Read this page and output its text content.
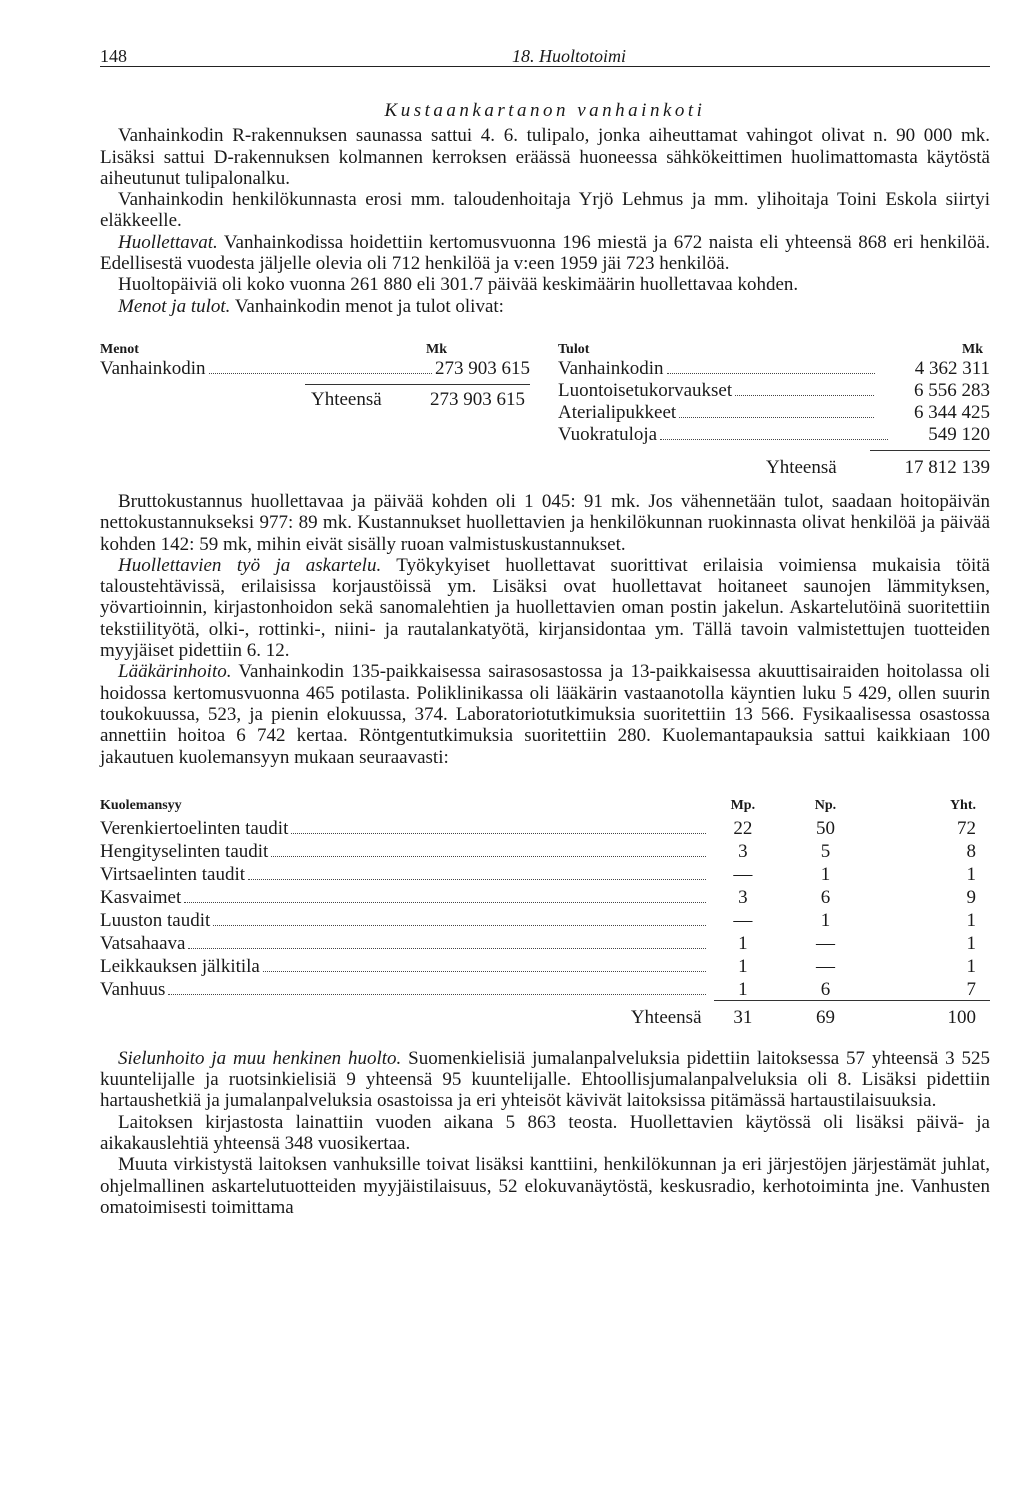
148	18. Huoltotoimi
Kustaankartanon vanhainkoti

Vanhainkodin R-rakennuksen saunassa sattui 4. 6. tulipalo, jonka aiheuttamat vahingot olivat n. 90 000 mk. Lisäksi sattui D-rakennuksen kolmannen kerroksen eräässä huoneessa sähkökeittimen huolimattomasta käytöstä aiheutunut tulipalonalku.

Vanhainkodin henkilökunnasta erosi mm. taloudenhoitaja Yrjö Lehmus ja mm. ylihoitaja Toini Eskola siirtyi eläkkeelle.

Huollettavat. Vanhainkodissa hoidettiin kertomusvuonna 196 miestä ja 672 naista eli yhteensä 868 eri henkilöä. Edellisestä vuodesta jäljelle olevia oli 712 henkilöä ja v:een 1959 jäi 723 henkilöä.

Huoltopäiviä oli koko vuonna 261 880 eli 301.7 päivää keskimäärin huollettavaa kohden.

Menot ja tulot. Vanhainkodin menot ja tulot olivat:

Menot	Mk
Vanhainkodin	273 903 615
Yhteensä	273 903 615
Tulot	Mk
Vanhainkodin	4 362 311
Luontoisetukorvaukset	6 556 283
Aterialipukkeet	6 344 425
Vuokratuloja	549 120
Yhteensä	17 812 139

Bruttokustannus huollettavaa ja päivää kohden oli 1 045: 91 mk. Jos vähennetään tulot, saadaan hoitopäivän nettokustannukseksi 977: 89 mk. Kustannukset huollettavien ja henkilökunnan ruokinnasta olivat henkilöä ja päivää kohden 142: 59 mk, mihin eivät sisälly ruoan valmistuskustannukset.

Huollettavien työ ja askartelu. Työkykyiset huollettavat suorittivat erilaisia voimiensa mukaisia töitä taloustehtävissä, erilaisissa korjaustöissä ym. Lisäksi ovat huollettavat hoitaneet saunojen lämmityksen, yövartioinnin, kirjastonhoidon sekä sanomalehtien ja huollettavien oman postin jakelun. Askartelutöinä suoritettiin tekstiilityötä, olki-, rottinki-, niini- ja rautalankatyötä, kirjansidontaa ym. Tällä tavoin valmistettujen tuotteiden myyjäiset pidettiin 6. 12.

Lääkärinhoito. Vanhainkodin 135-paikkaisessa sairasosastossa ja 13-paikkaisessa akuuttisairaiden hoitolassa oli hoidossa kertomusvuonna 465 potilasta. Poliklinikassa oli lääkärin vastaanotolla käyntien luku 5 429, ollen suurin toukokuussa, 523, ja pienin elokuussa, 374. Laboratoriotutkimuksia suoritettiin 13 566. Fysikaalisessa osastossa annettiin hoitoa 6 742 kertaa. Röntgentutkimuksia suoritettiin 280. Kuolemantapauksia sattui kaikkiaan 100 jakautuen kuolemansyyn mukaan seuraavasti:

Kuolemansyy	Mp.	Np.	Yht.

Verenkiertoelinten taudit	22	50	72

Hengityselinten taudit	3	5	8

Virtsaelinten taudit	—	1	1

Kasvaimet	3	6	9

Luuston taudit	—	1	1

Vatsahaava	1	—	1

Leikkauksen jälkitila	1	—	1

Vanhuus	1	6	7
Yhteensä	31	69	100

Sielunhoito ja muu henkinen huolto. Suomenkielisiä jumalanpalveluksia pidettiin laitoksessa 57 yhteensä 3 525 kuuntelijalle ja ruotsinkielisiä 9 yhteensä 95 kuuntelijalle. Ehtoollisjumalanpalveluksia oli 8. Lisäksi pidettiin hartaushetkiä ja jumalanpalveluksia osastoissa ja eri yhteisöt kävivät laitoksissa pitämässä hartaustilaisuuksia.

Laitoksen kirjastosta lainattiin vuoden aikana 5 863 teosta. Huollettavien käytössä oli lisäksi päivä- ja aikakauslehtiä yhteensä 348 vuosikertaa.

Muuta virkistystä laitoksen vanhuksille toivat lisäksi kanttiini, henkilökunnan ja eri järjestöjen järjestämät juhlat, ohjelmallinen askartelutuotteiden myyjäistilaisuus, 52 elokuvanäytöstä, keskusradio, kerhotoiminta jne. Vanhusten omatoimisesti toimittama
